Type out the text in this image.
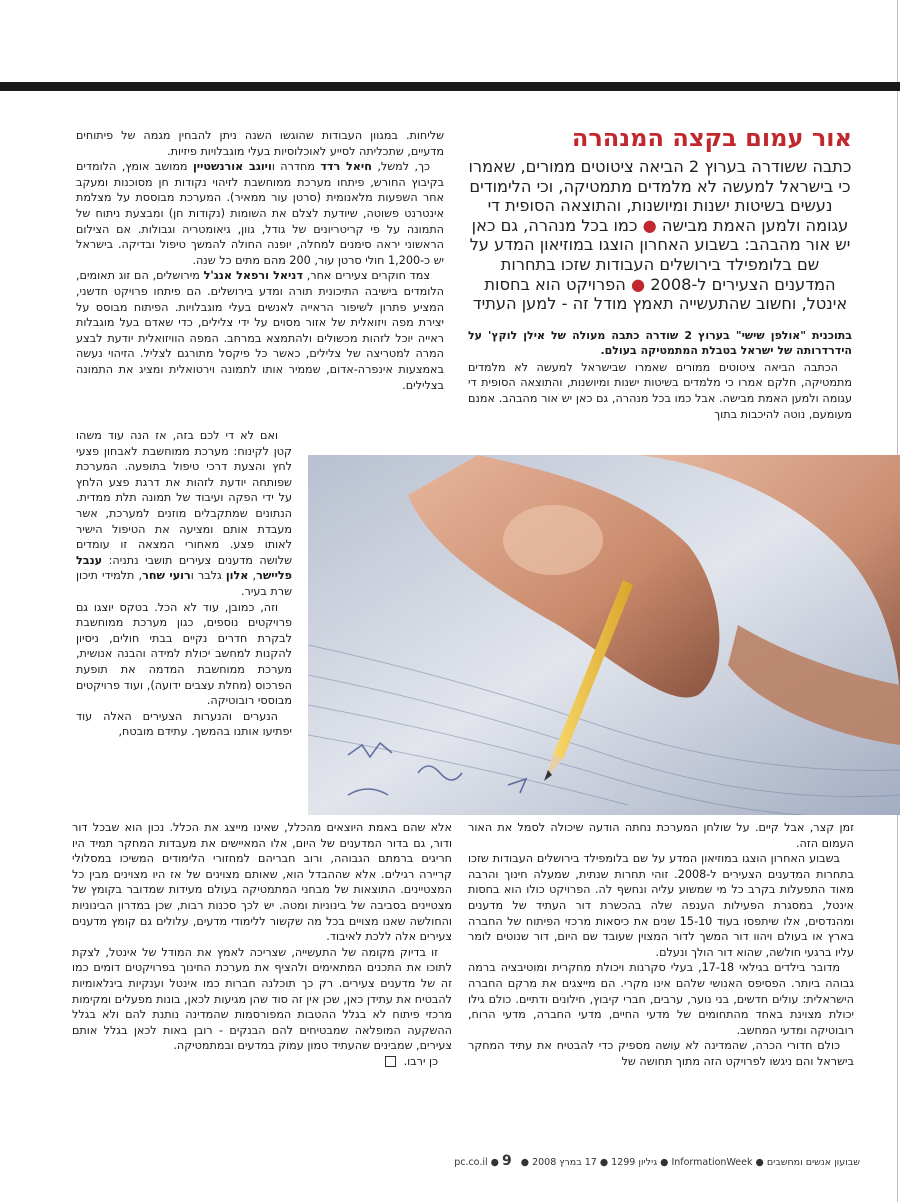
אור עמום בקצה המנהרה
כתבה ששודרה בערוץ 2 הביאה ציטוטים ממורים, שאמרו כי בישראל למעשה לא מלמדים מתמטיקה, וכי הלימודים נעשים בשיטות ישנות ומיושנות, והתוצאה הסופית די עגומה ולמען האמת מבישה ● כמו בכל מנהרה, גם כאן יש אור מהבהב: בשבוע האחרון הוצגו במוזיאון המדע על שם בלומפילד בירושלים העבודות שזכו בתחרות המדענים הצעירים ל-2008 ● הפרויקט הוא בחסות אינטל, וחשוב שהתעשייה תאמץ מודל זה - למען העתיד

בתוכנית "אולפן שישי" בערוץ 2 שודרה כתבה מעולה של אילן לוקץ' על הידרדרותה של ישראל בטבלת המתמטיקה בעולם.

הכתבה הביאה ציטוטים ממורים שאמרו שבישראל למעשה לא מלמדים מתמטיקה, חלקם אמרו כי מלמדים בשיטות ישנות ומיושנות, והתוצאה הסופית די עגומה ולמען האמת מבישה. אבל כמו בכל מנהרה, גם כאן יש אור מהבהב. אמנם מעומעם, נוטה להיכבות בתוך

שליחות. במגוון העבודות שהוגשו השנה ניתן להבחין מגמה של פיתוחים מדעיים, שתכליתה לסייע לאוכלוסיות בעלי מוגבלויות פיזיות.

כך, למשל, חיאל רדד מחדרה וויוגב אורנשטיין ממושב אומץ, הלומדים בקיבוץ החורש, פיתחו מערכת ממוחשבת לזיהוי נקודות חן מסוכנות ומעקב אחר השפעות מלאנומית (סרטן עור ממאיר). המערכת מבוססת על מצלמת אינטרנט פשוטה, שיודעת לצלם את השומות (נקודות חן) ומבצעת ניתוח של התמונה על פי קריטריונים של גודל, גוון, גיאומטריה וגבולות. אם הצילום הראשוני יראה סימנים למחלה, יופנה החולה להמשך טיפול ובדיקה. בישראל יש כ-1,200 חולי סרטן עור, 200 מהם מתים כל שנה.

צמד חוקרים צעירים אחר, דניאל ורפאל אנג'ל מירושלים, הם זוג תאומים, הלומדים בישיבה התיכונית תורה ומדע בירושלים. הם פיתחו פרויקט חדשני, המציע פתרון לשיפור הראייה לאנשים בעלי מוגבלויות. הפיתוח מבוסס על יצירת מפה ויזואלית של אזור מסוים על ידי צלילים, כדי שאדם בעל מוגבלות ראייה יוכל לזהות מכשולים ולהתמצא במרחב. המפה הוויזואלית יודעת לבצע המרה למטריצה של צלילים, כאשר כל פיקסל מתורגם לצליל. הזיהוי נעשה באמצעות אינפרה-אדום, שממיר אותו לתמונה וירטואלית ומציג את התמונה בצלילים.

ואם לא די לכם בזה, אז הנה עוד משהו קטן לקינוח: מערכת ממוחשבת לאבחון פצעי לחץ והצעת דרכי טיפול בתופעה. המערכת שפותחה יודעת לזהות את דרגת פצע הלחץ על ידי הפקה ועיבוד של תמונה תלת ממדית. הנתונים שמתקבלים מוזנים למערכת, אשר מעבדת אותם ומציעה את הטיפול הישיר לאותו פצע. מאחורי המצאה זו עומדים שלושה מדענים צעירים תושבי נתניה: ענבל פליישר, אלון גלבר ורועי שחר, תלמידי תיכון שרת בעיר.

וזה, כמובן, עוד לא הכל. בטקס יוצגו גם פרויקטים נוספים, כגון מערכת ממוחשבת לבקרת חדרים נקיים בבתי חולים, ניסיון להקנות למחשב יכולת למידה והבנה אנושית, מערכת ממוחשבת המדמה את תופעת הפרכוס (מחלת עצבים ידועה), ועוד פרויקטים מבוססי רובוטיקה.

הנערים והנערות הצעירים האלה עוד יפתיעו אותנו בהמשך. עתידם מובטח,

זמן קצר, אבל קיים. על שולחן המערכת נחתה הודעה שיכולה לסמל את האור העמום הזה.

בשבוע האחרון הוצגו במוזיאון המדע על שם בלומפילד בירושלים העבודות שזכו בתחרות המדענים הצעירים ל-2008. זוהי תחרות שנתית, שמעלה חינוך והרבה מאוד התפעלות בקרב כל מי שמשוע עליה ונחשף לה. הפרויקט כולו הוא בחסות אינטל, במסגרת הפעילות הענפה שלה בהכשרת דור העתיד של מדענים ומהנדסים, אלו שיתפסו בעוד 15-10 שנים את כיסאות מרכזי הפיתוח של החברה בארץ או בעולם ויהוו דור המשך לדור המצוין שעובד שם היום, דור שנוטים לומר עליו ברגעי חולשה, שהוא דור הולך ונעלם.

מדובר בילדים בגילאי 17-18, בעלי סקרנות ויכולת מחקרית ומוטיבציה ברמה גבוהה ביותר. הפסיפס האנושי שלהם אינו מקרי. הם מייצגים את מרקם החברה הישראלית: עולים חדשים, בני נוער, ערבים, חברי קיבוץ, חילונים ודתיים. כולם גילו יכולת מצוינת באחד מהתחומים של מדעי החיים, מדעי החברה, מדעי הרוח, רובוטיקה ומדעי המחשב.

כולם חדורי הכרה, שהמדינה לא עושה מספיק כדי להבטיח את עתיד המחקר בישראל והם ניגשו לפרויקט הזה מתוך תחושה של

אלא שהם באמת היוצאים מהכלל, שאינו מייצג את הכלל. נכון הוא שבכל דור ודור, גם בדור המדענים של היום, אלו המאיישים את מעבדות המחקר תמיד היו חריגים ברמתם הגבוהה, ורוב חבריהם למחזורי הלימודים המשיכו במסלולי קריירה רגילים. אלא שההבדל הוא, שאותם מצוינים של אז היו מצוינים מבין כל המצטיינים. התוצאות של מבחני המתמטיקה בעולם מעידות שמדובר בקומץ של מצטיינים בסביבה של בינוניות ומטה. יש לכך סכנות רבות, שכן במדרון הבינוניות והחולשה שאנו מצויים בכל מה שקשור ללימודי מדעים, עלולים גם קומץ מדענים צעירים אלה ללכת לאיבוד.

זו בדיוק מקומה של התעשייה, שצריכה לאמץ את המודל של אינטל, לצקת לתוכו את התכנים המתאימים ולהציף את מערכת החינוך בפרויקטים דומים כמו זה של מדענים צעירים. רק כך תוכלנה חברות כמו אינטל וענקיות בינלאומיות להבטיח את עתידן כאן, שכן אין זה סוד שהן מגיעות לכאן, בונות מפעלים ומקימות מרכזי פיתוח לא בגלל ההטבות המפורסמות שהמדינה נותנת להם ולא בגלל ההשקעה המופלאה שמבטיחים להם הבנקים - רובן באות לכאן בגלל אותם צעירים, שמבינים שהעתיד טמון עמוק במדעים ובמתמטיקה.

כן ירבו.

שבועון אנשים ומחשבים ● InformationWeek ● גיליון 1299 ● 17 במרץ 2008 ● pc.co.il ● 9
